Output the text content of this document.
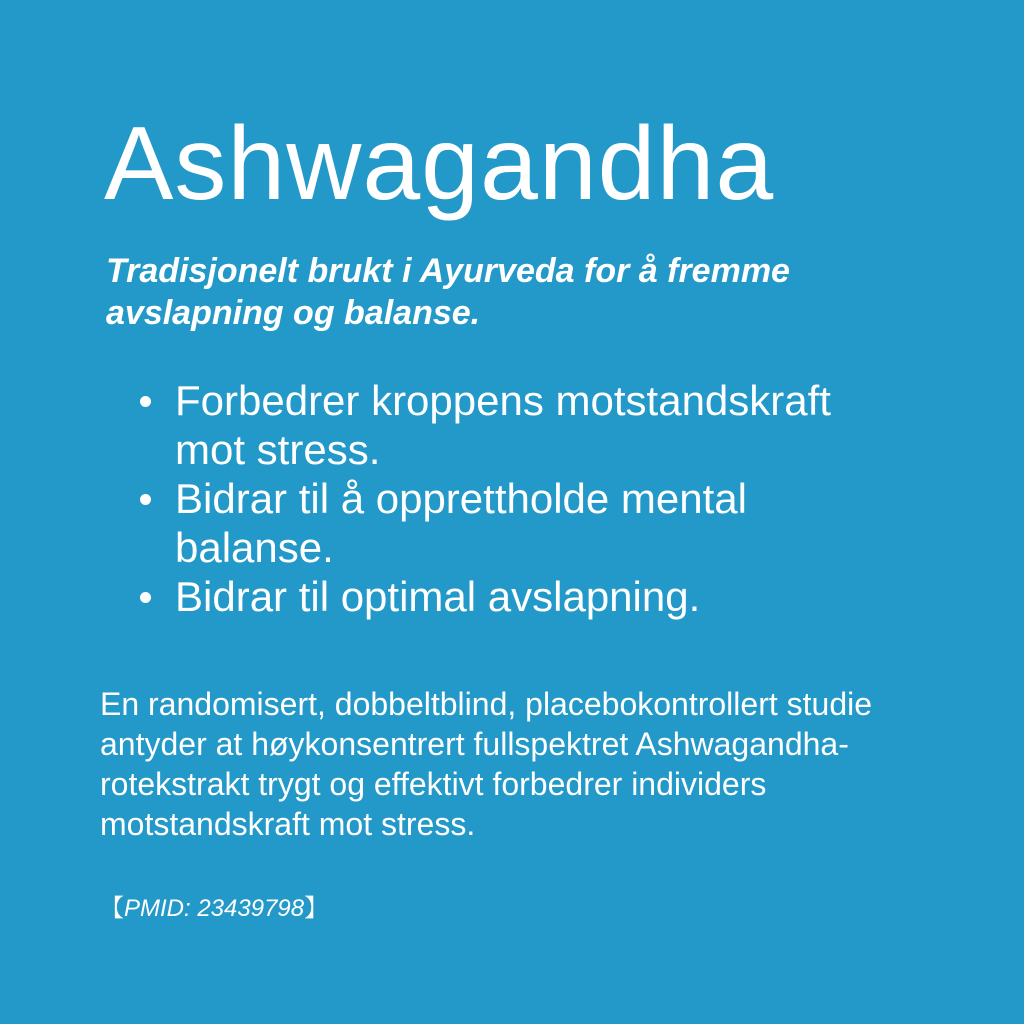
Ashwagandha

Tradisjonelt brukt i Ayurveda for å fremme avslapning og balanse.

Forbedrer kroppens motstandskraft mot stress.
Bidrar til å opprettholde mental balanse.
Bidrar til optimal avslapning.

En randomisert, dobbeltblind, placebokontrollert studie antyder at høykonsentrert fullspektret Ashwagandha-rotekstrakt trygt og effektivt forbedrer individers motstandskraft mot stress.

【PMID: 23439798】
